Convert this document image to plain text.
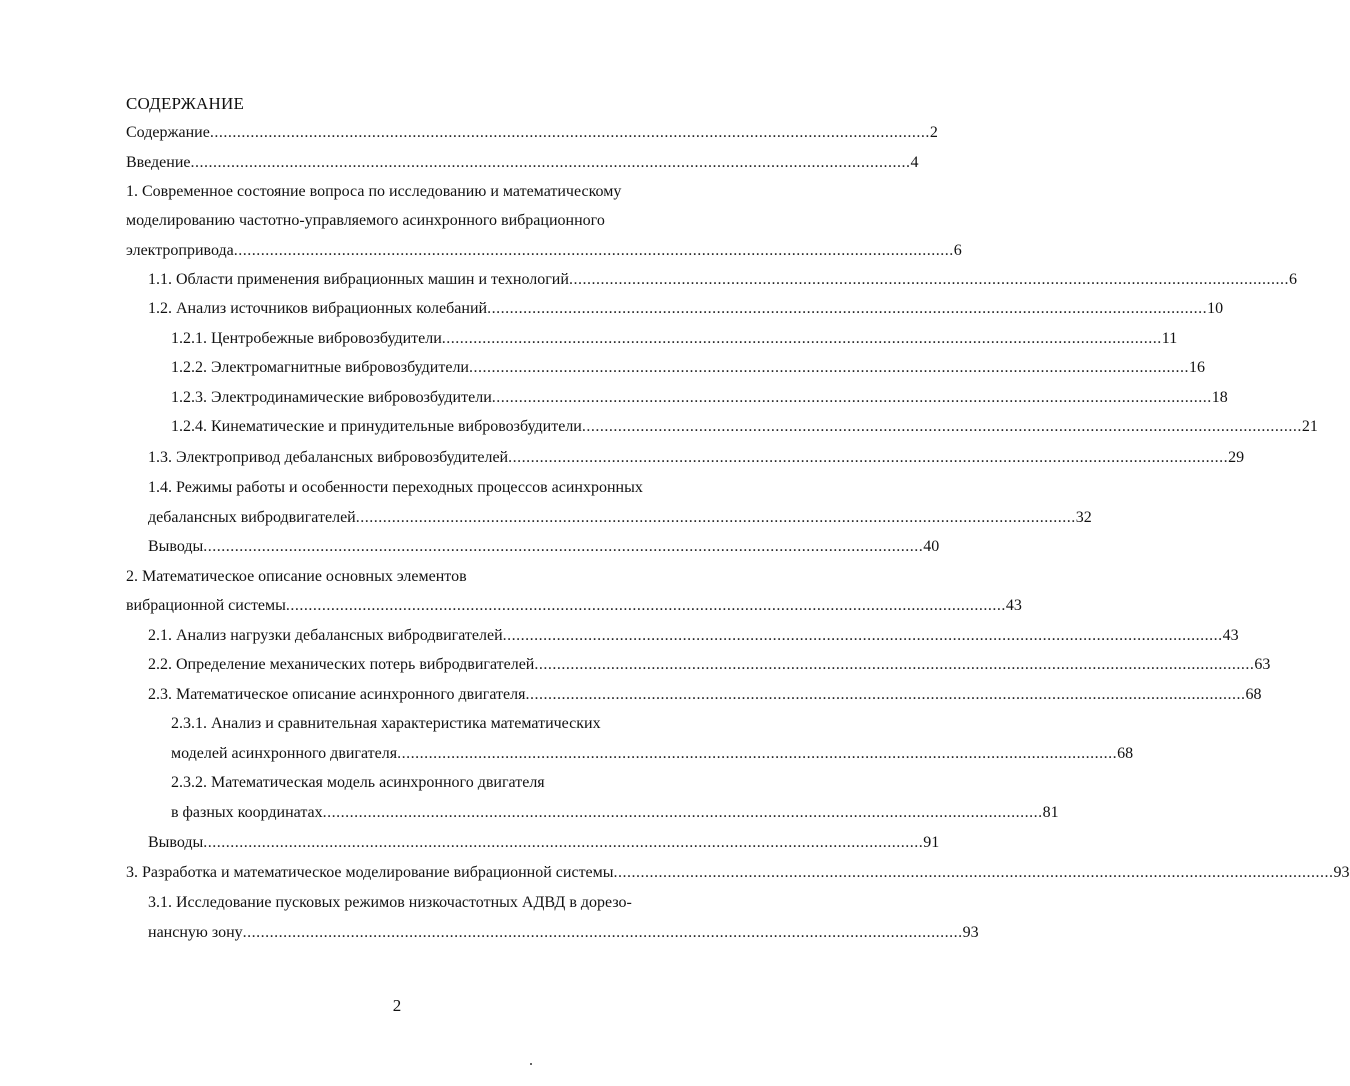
СОДЕРЖАНИЕ
Содержание ................................................................................................................................................................ 2
Введение ................................................................................................................................................................ 4
1. Современное состояние вопроса по исследованию и математическому
моделированию частотно-управляемого асинхронного вибрационного
электропривода ................................................................................................................................................................ 6
1.1. Области применения вибрационных машин и технологий ................................................................................................................................................................ 6
1.2. Анализ источников вибрационных колебаний ................................................................................................................................................................ 10
1.2.1. Центробежные вибровозбудители ................................................................................................................................................................ 11
1.2.2. Электромагнитные вибровозбудители ................................................................................................................................................................ 16
1.2.3. Электродинамические вибровозбудители ................................................................................................................................................................ 18
1.2.4. Кинематические и принудительные вибровозбудители ................................................................................................................................................................ 21
1.3. Электропривод дебалансных вибровозбудителей ................................................................................................................................................................ 29
1.4. Режимы работы и особенности переходных процессов асинхронных
дебалансных вибродвигателей ................................................................................................................................................................ 32
Выводы ................................................................................................................................................................ 40
2. Математическое описание основных элементов
вибрационной системы ................................................................................................................................................................ 43
2.1. Анализ нагрузки дебалансных вибродвигателей ................................................................................................................................................................ 43
2.2. Определение механических потерь вибродвигателей ................................................................................................................................................................ 63
2.3. Математическое описание асинхронного двигателя ................................................................................................................................................................ 68
2.3.1. Анализ и сравнительная характеристика математических
моделей асинхронного двигателя ................................................................................................................................................................ 68
2.3.2. Математическая модель асинхронного двигателя
в фазных координатах ................................................................................................................................................................ 81
Выводы ................................................................................................................................................................ 91
3. Разработка и математическое моделирование вибрационной системы ................................................................................................................................................................ 93
3.1. Исследование пусковых режимов низкочастотных АДВД в дорезо-
нансную зону ................................................................................................................................................................ 93
2
